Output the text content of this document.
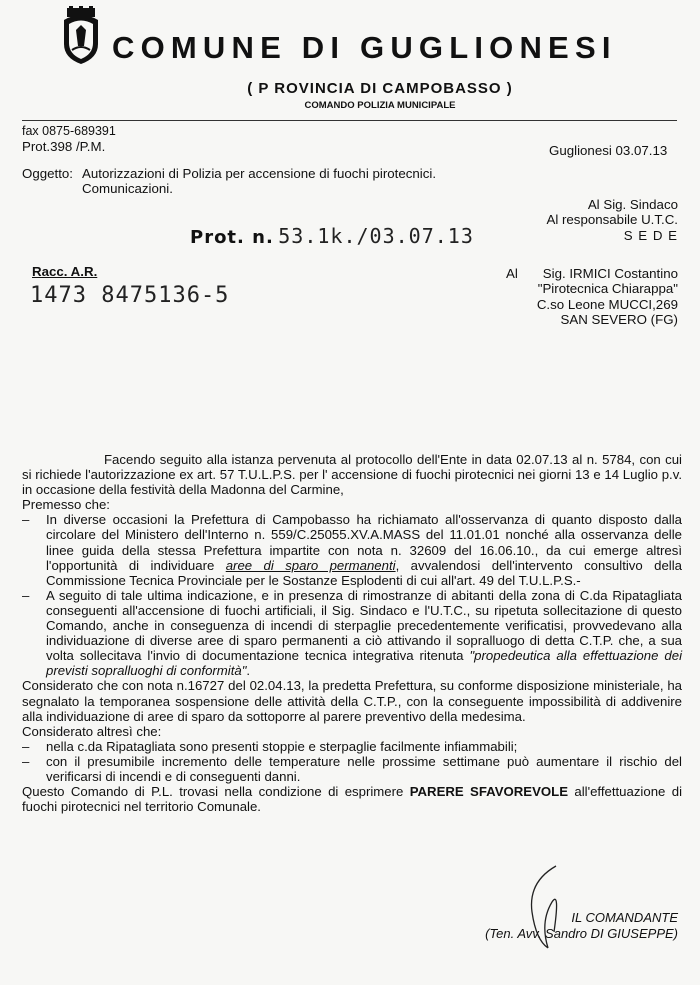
COMUNE DI GUGLIONESI
( P ROVINCIA DI CAMPOBASSO )
COMANDO POLIZIA MUNICIPALE
fax 0875-689391
Prot.398 /P.M.	Guglionesi 03.07.13
Oggetto: Autorizzazioni di Polizia per accensione di fuochi pirotecnici.
Comunicazioni.
Al Sig. Sindaco
Al responsabile U.T.C.
S E D E
Prot. n. 53.1k./03.07.13
Racc. A.R.
1473 8475136-5
Al	Sig. IRMICI Costantino
"Pirotecnica Chiarappa"
C.so Leone MUCCI,269
SAN SEVERO (FG)

Facendo seguito alla istanza pervenuta al protocollo dell'Ente in data 02.07.13 al n. 5784, con cui si richiede l'autorizzazione ex art. 57 T.U.L.P.S. per l' accensione di fuochi pirotecnici nei giorni 13 e 14 Luglio p.v. in occasione della festività della Madonna del Carmine,

Premesso che:

– In diverse occasioni la Prefettura di Campobasso ha richiamato all'osservanza di quanto disposto dalla circolare del Ministero dell'Interno n. 559/C.25055.XV.A.MASS del 11.01.01 nonché alla osservanza delle linee guida della stessa Prefettura impartite con nota n. 32609 del 16.06.10., da cui emerge altresì l'opportunità di individuare aree di sparo permanenti, avvalendosi dell'intervento consultivo della Commissione Tecnica Provinciale per le Sostanze Esplodenti di cui all'art. 49 del T.U.L.P.S.-

– A seguito di tale ultima indicazione, e in presenza di rimostranze di abitanti della zona di C.da Ripatagliata conseguenti all'accensione di fuochi artificiali, il Sig. Sindaco e l'U.T.C., su ripetuta sollecitazione di questo Comando, anche in conseguenza di incendi di sterpaglie precedentemente verificatisi, provvedevano alla individuazione di diverse aree di sparo permanenti a ciò attivando il sopralluogo di detta C.T.P. che, a sua volta sollecitava l'invio di documentazione tecnica integrativa ritenuta "propedeutica alla effettuazione dei previsti sopralluoghi di conformità".

Considerato che con nota n.16727 del 02.04.13, la predetta Prefettura, su conforme disposizione ministeriale, ha segnalato la temporanea sospensione delle attività della C.T.P., con la conseguente impossibilità di addivenire alla individuazione di aree di sparo da sottoporre al parere preventivo della medesima.

Considerato altresì che:

– nella c.da Ripatagliata sono presenti stoppie e sterpaglie facilmente infiammabili;

– con il presumibile incremento delle temperature nelle prossime settimane può aumentare il rischio del verificarsi di incendi e di conseguenti danni.

Questo Comando di P.L. trovasi nella condizione di esprimere PARERE SFAVOREVOLE all'effettuazione di fuochi pirotecnici nel territorio Comunale.

IL COMANDANTE
(Ten. Avv. Sandro DI GIUSEPPE)
